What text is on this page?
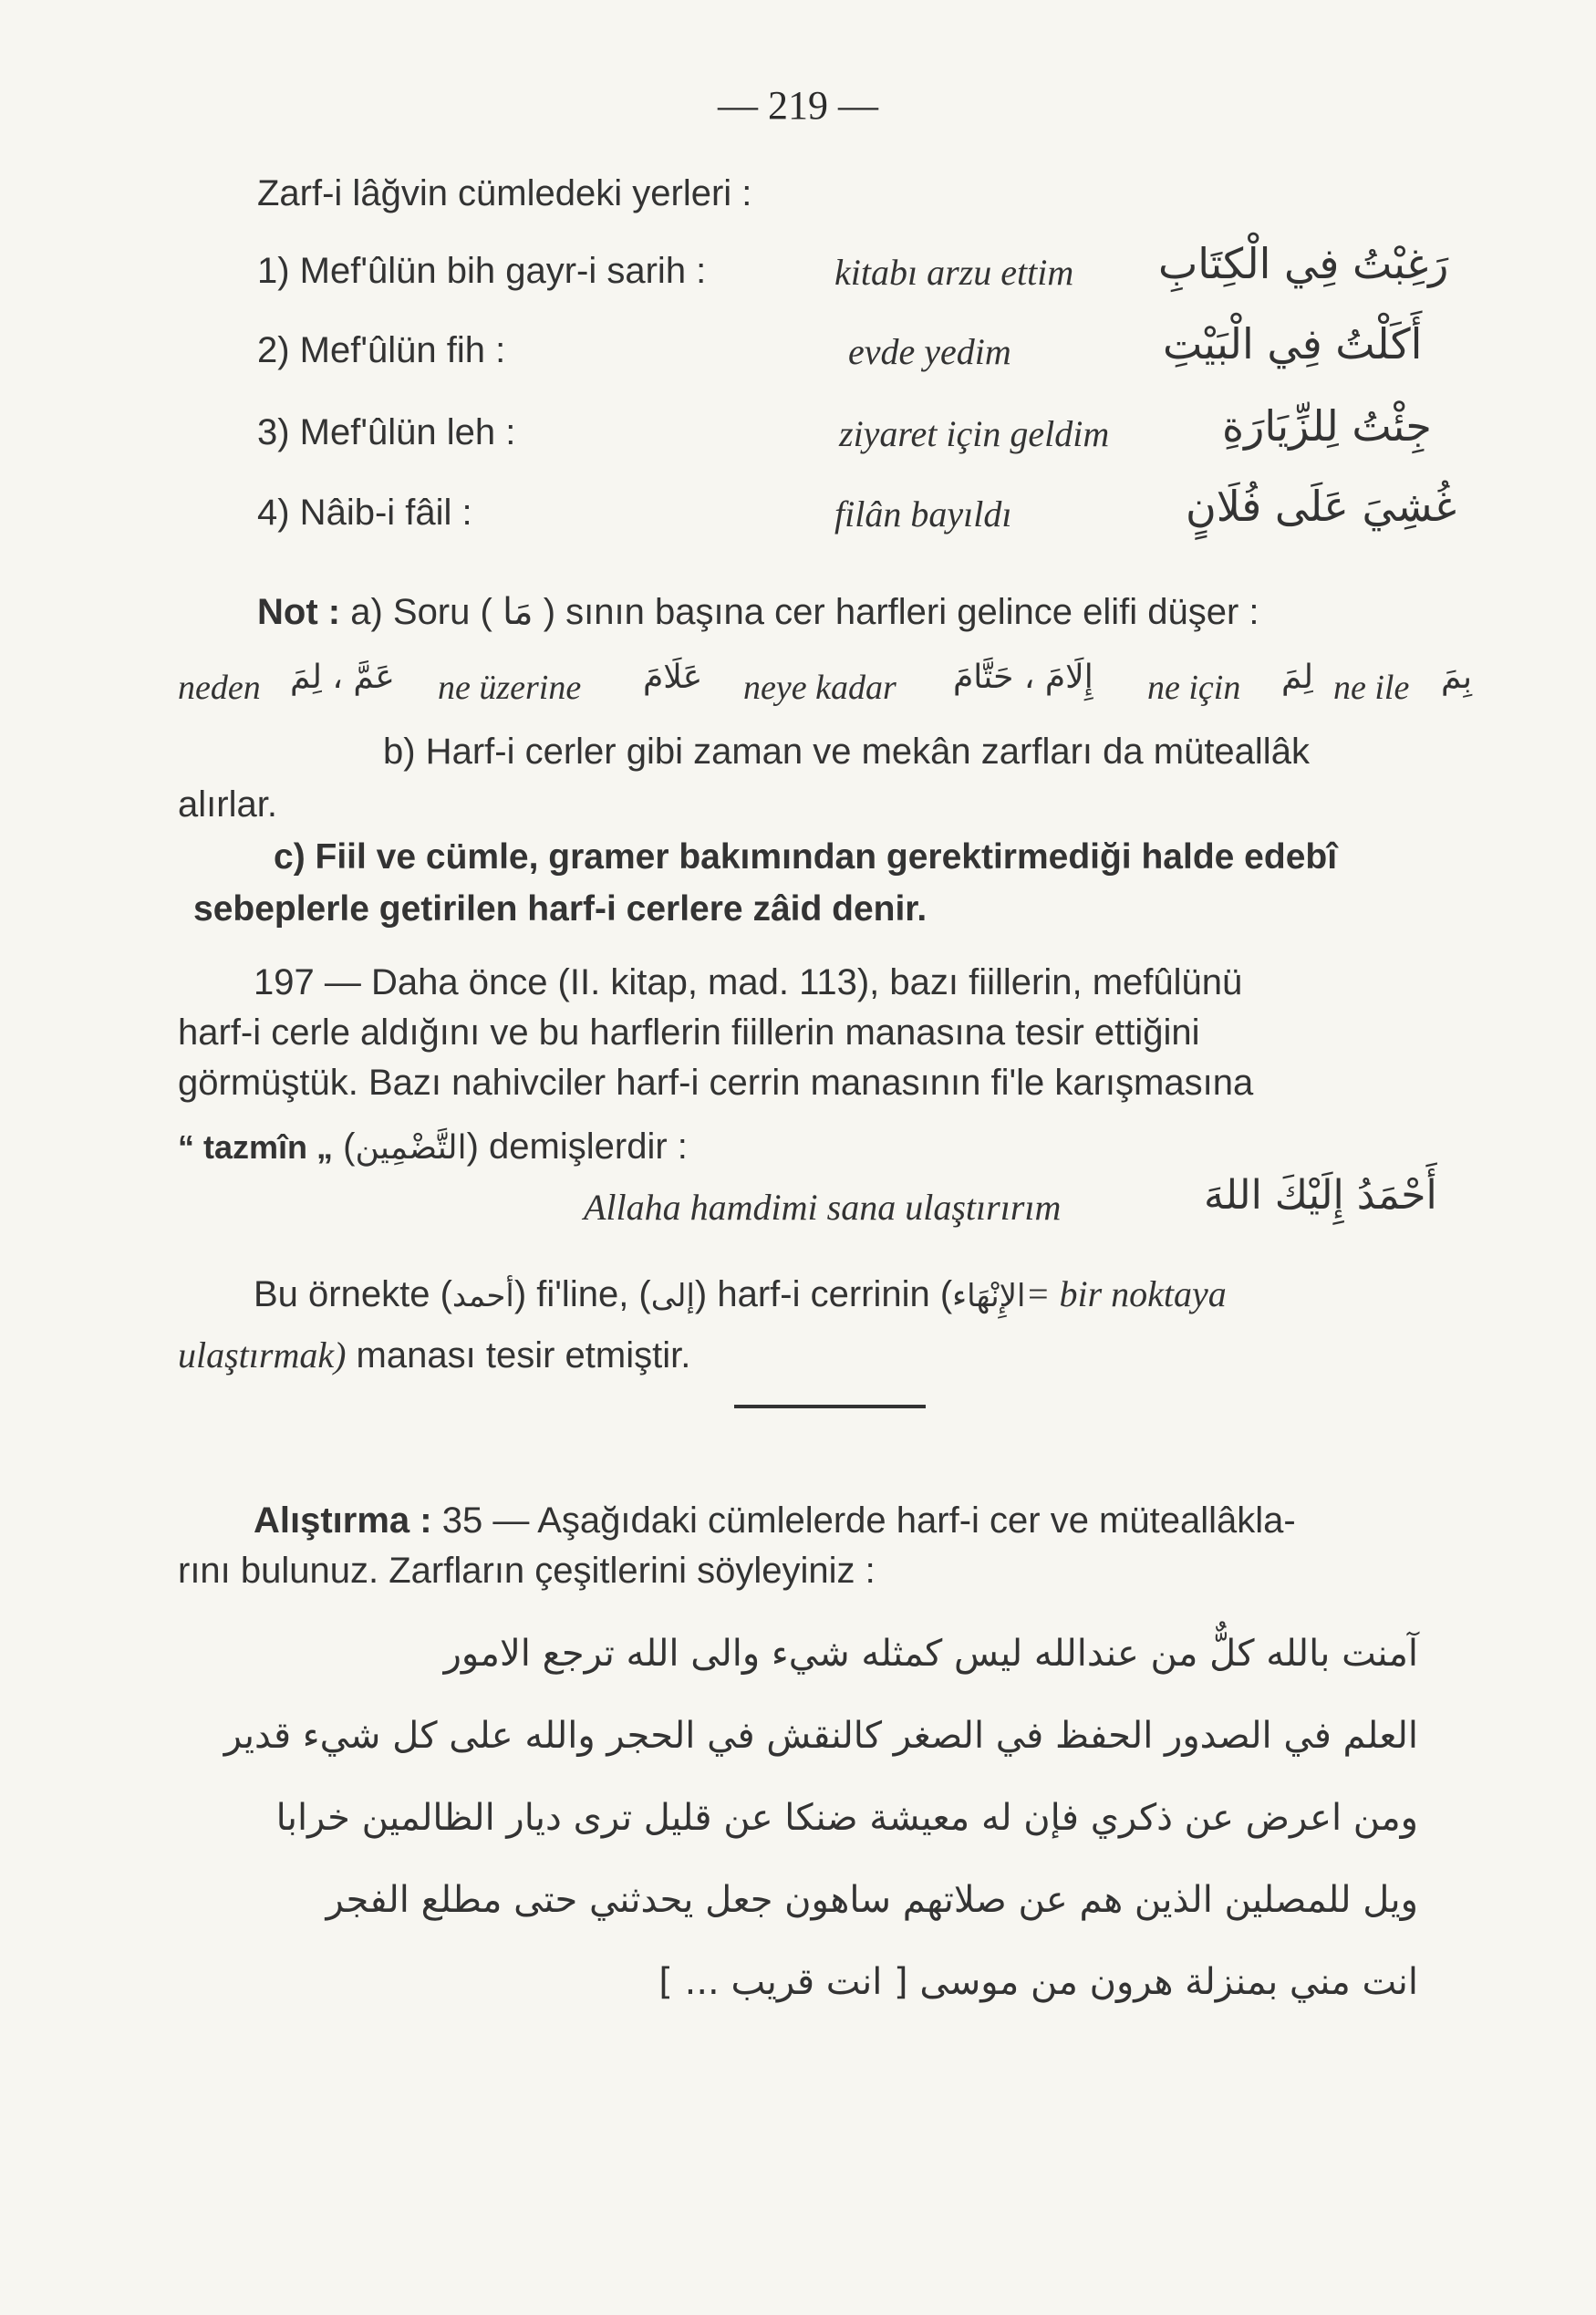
— 219 —
Zarf-i lâğvin cümledeki yerleri :
1) Mef'ûlün bih gayr-i sarih :	kitabı arzu ettim رَغِبْتُ فِي الْكِتَابِ
2) Mef'ûlün fih :	evde yedim	أَكَلْتُ فِي الْبَيْتِ
3) Mef'ûlün leh :	ziyaret için geldim	جِئْتُ لِلزِّيَارَةِ
4) Nâib-i fâil :	filân bayıldı	غُشِيَ عَلَى فُلَانٍ
Not : a) Soru ( مَا ) sının başına cer harfleri gelince elifi düşer :
neden عَمَّ ، لِمَ ne üzerine عَلَامَ neye kadar إِلَامَ ، حَتَّامَ ne için لِمَ ne ile بِمَ
b) Harf-i cerler gibi zaman ve mekân zarfları da müteallâk
alırlar.
c) Fiil ve cümle, gramer bakımından gerektirmediği halde edebî
sebeplerle getirilen harf-i cerlere zâid denir.
197 — Daha önce (II. kitap, mad. 113), bazı fiillerin, mefûlünü
harf-i cerle aldığını ve bu harflerin fiillerin manasına tesir ettiğini
görmüştük. Bazı nahivciler harf-i cerrin manasının fi'le karışmasına
“ tazmîn „ (التَّضْمِين) demişlerdir :
Allaha hamdimi sana ulaştırırım	أَحْمَدُ إِلَيْكَ اللهَ
Bu örnekte (أحمد) fi'line, (إلى) harf-i cerrinin (الإِنْهَاء= bir noktaya
ulaştırmak) manası tesir etmiştir.
Alıştırma : 35 — Aşağıdaki cümlelerde harf-i cer ve müteallâkla-
rını bulunuz. Zarfların çeşitlerini söyleyiniz :
آمنت بالله كلٌّ من عندالله ليس كمثله شيء والى الله ترجع الامور
العلم في الصدور الحفظ في الصغر كالنقش في الحجر والله على كل شيء قدير
ومن اعرض عن ذكري فإن له معيشة ضنكا عن قليل ترى ديار الظالمين خرابا
ويل للمصلين الذين هم عن صلاتهم ساهون جعل يحدثني حتى مطلع الفجر
انت مني بمنزلة هرون من موسى [ انت قريب ... ]
